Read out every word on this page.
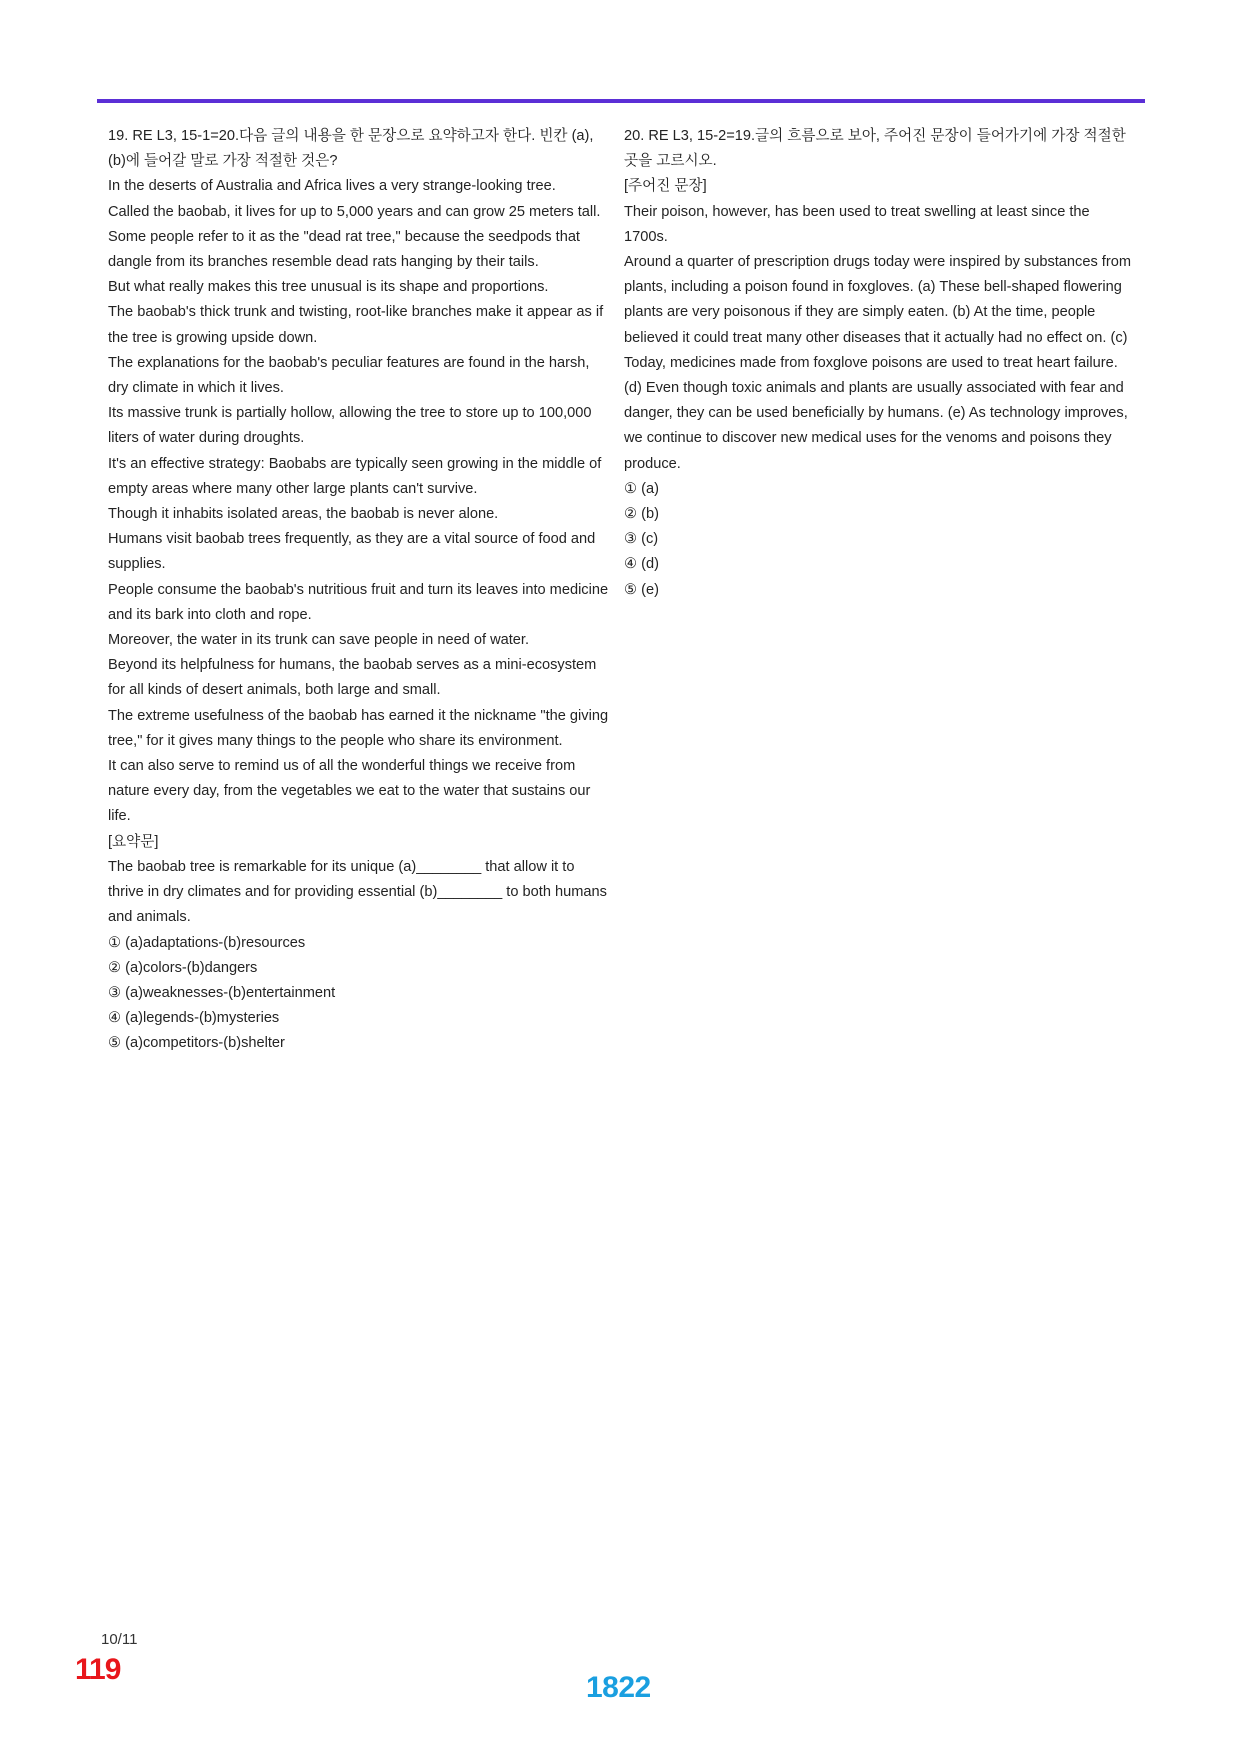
19. RE L3, 15-1=20.다음 글의 내용을 한 문장으로 요약하고자 한다. 빈칸 (a), (b)에 들어갈 말로 가장 적절한 것은?

In the deserts of Australia and Africa lives a very strange-looking tree.

Called the baobab, it lives for up to 5,000 years and can grow 25 meters tall.

Some people refer to it as the "dead rat tree," because the seedpods that dangle from its branches resemble dead rats hanging by their tails.

But what really makes this tree unusual is its shape and proportions.

The baobab's thick trunk and twisting, root-like branches make it appear as if the tree is growing upside down.

The explanations for the baobab's peculiar features are found in the harsh, dry climate in which it lives.

Its massive trunk is partially hollow, allowing the tree to store up to 100,000 liters of water during droughts.

It's an effective strategy: Baobabs are typically seen growing in the middle of empty areas where many other large plants can't survive.

Though it inhabits isolated areas, the baobab is never alone.

Humans visit baobab trees frequently, as they are a vital source of food and supplies.

People consume the baobab's nutritious fruit and turn its leaves into medicine and its bark into cloth and rope.

Moreover, the water in its trunk can save people in need of water.

Beyond its helpfulness for humans, the baobab serves as a mini-ecosystem for all kinds of desert animals, both large and small.

The extreme usefulness of the baobab has earned it the nickname "the giving tree," for it gives many things to the people who share its environment.

It can also serve to remind us of all the wonderful things we receive from nature every day, from the vegetables we eat to the water that sustains our life.

[요약문]

The baobab tree is remarkable for its unique (a)________ that allow it to thrive in dry climates and for providing essential (b)________ to both humans and animals.

① (a)adaptations-(b)resources

② (a)colors-(b)dangers

③ (a)weaknesses-(b)entertainment

④ (a)legends-(b)mysteries

⑤ (a)competitors-(b)shelter

20. RE L3, 15-2=19.글의 흐름으로 보아, 주어진 문장이 들어가기에 가장 적절한 곳을 고르시오.

[주어진 문장]

Their poison, however, has been used to treat swelling at least since the 1700s.

Around a quarter of prescription drugs today were inspired by substances from plants, including a poison found in foxgloves. (a) These bell-shaped flowering plants are very poisonous if they are simply eaten. (b) At the time, people believed it could treat many other diseases that it actually had no effect on. (c) Today, medicines made from foxglove poisons are used to treat heart failure. (d) Even though toxic animals and plants are usually associated with fear and danger, they can be used beneficially by humans. (e) As technology improves, we continue to discover new medical uses for the venoms and poisons they produce.

① (a)

② (b)

③ (c)

④ (d)

⑤ (e)

10/11
119
1822
